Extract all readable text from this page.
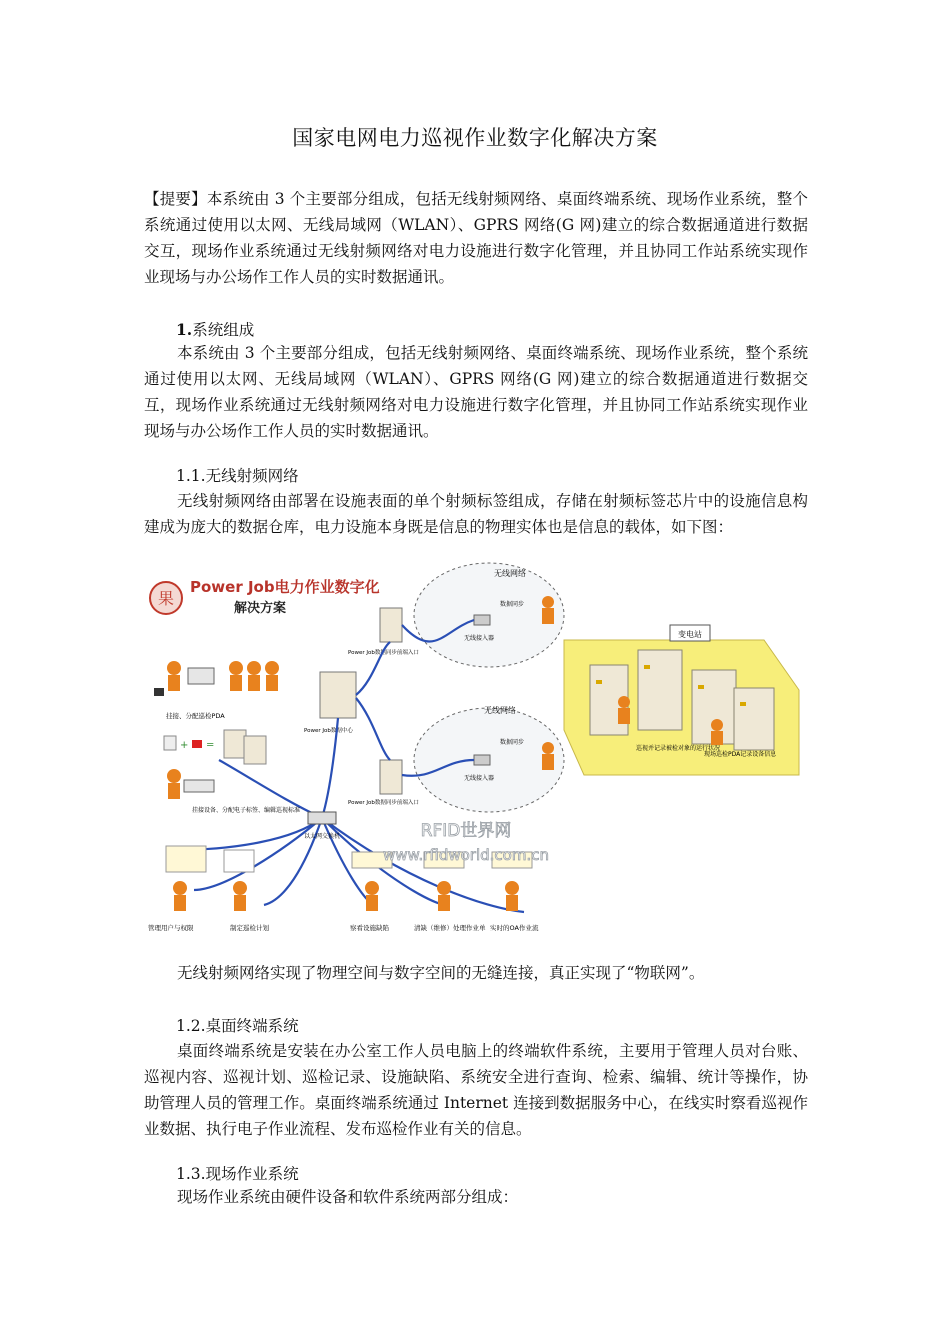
国家电网电力巡视作业数字化解决方案
【提要】本系统由 3 个主要部分组成，包括无线射频网络、桌面终端系统、现场作业系统，整个系统通过使用以太网、无线局域网（WLAN）、GPRS 网络(G 网)建立的综合数据通道进行数据交互，现场作业系统通过无线射频网络对电力设施进行数字化管理，并且协同工作站系统实现作业现场与办公场作工作人员的实时数据通讯。
1.系统组成
本系统由 3 个主要部分组成，包括无线射频网络、桌面终端系统、现场作业系统，整个系统通过使用以太网、无线局域网（WLAN）、GPRS 网络(G 网)建立的综合数据通道进行数据交互，现场作业系统通过无线射频网络对电力设施进行数字化管理，并且协同工作站系统实现作业现场与办公场作工作人员的实时数据通讯。
1.1.无线射频网络
无线射频网络由部署在设施表面的单个射频标签组成，存储在射频标签芯片中的设施信息构建成为庞大的数据仓库，电力设施本身既是信息的物理实体也是信息的载体，如下图：
果
Power Job电力作业数字化
解决方案
变电站
巡视并记录被检对象的运行状况
现场巡检PDA记录设备信息
无线网络
数据同步
无线接入器
无线网络
数据同步
无线接入器
Power Job数据同步前端入口
Power Job数据中心
Power Job数据同步前端入口
以太网交换机
挂接、分配巡检PDA
+ =
挂接设备、分配电子标签、编辑巡视标准
管理用户与权限	制定巡检计划	察看设施缺陷	清缺（维修）处理作业单 实时的OA作业流
RFID世界网
www.rfidworld.com.cn
无线射频网络实现了物理空间与数字空间的无缝连接，真正实现了“物联网”。
1.2.桌面终端系统
桌面终端系统是安装在办公室工作人员电脑上的终端软件系统，主要用于管理人员对台账、巡视内容、巡视计划、巡检记录、设施缺陷、系统安全进行查询、检索、编辑、统计等操作，协助管理人员的管理工作。桌面终端系统通过 Internet 连接到数据服务中心，在线实时察看巡视作业数据、执行电子作业流程、发布巡检作业有关的信息。
1.3.现场作业系统
现场作业系统由硬件设备和软件系统两部分组成：
